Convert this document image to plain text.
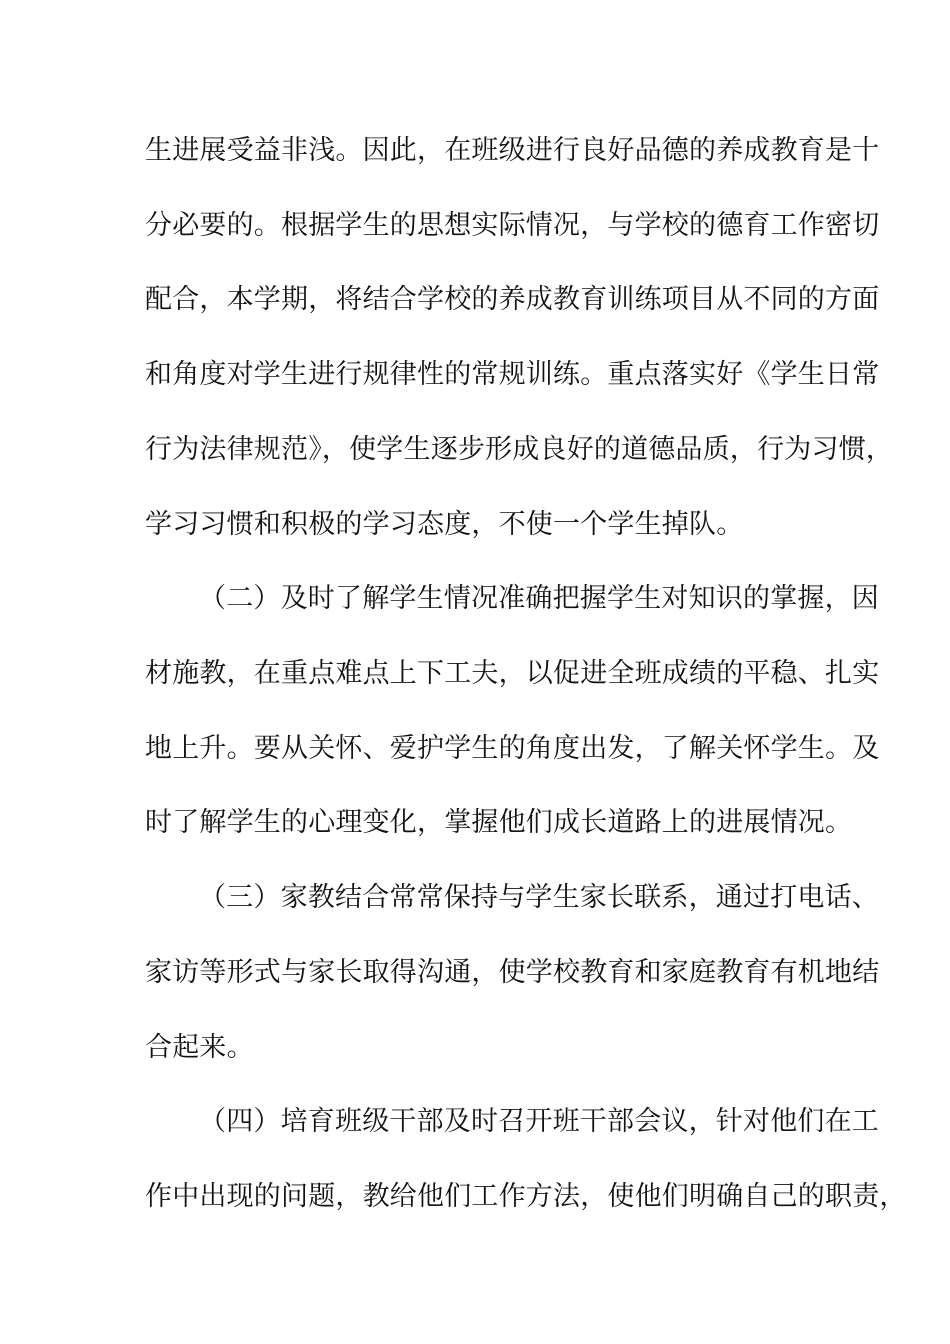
生进展受益非浅。因此，在班级进行良好品德的养成教育是十
分必要的。根据学生的思想实际情况，与学校的德育工作密切
配合，本学期，将结合学校的养成教育训练项目从不同的方面
和角度对学生进行规律性的常规训练。重点落实好《学生日常
行为法律规范》，使学生逐步形成良好的道德品质，行为习惯，
学习习惯和积极的学习态度，不使一个学生掉队。
（二）及时了解学生情况准确把握学生对知识的掌握，因
材施教，在重点难点上下工夫，以促进全班成绩的平稳、扎实
地上升。要从关怀、爱护学生的角度出发，了解关怀学生。及
时了解学生的心理变化，掌握他们成长道路上的进展情况。
（三）家教结合常常保持与学生家长联系，通过打电话、
家访等形式与家长取得沟通，使学校教育和家庭教育有机地结
合起来。
（四）培育班级干部及时召开班干部会议，针对他们在工
作中出现的问题，教给他们工作方法，使他们明确自己的职责，
